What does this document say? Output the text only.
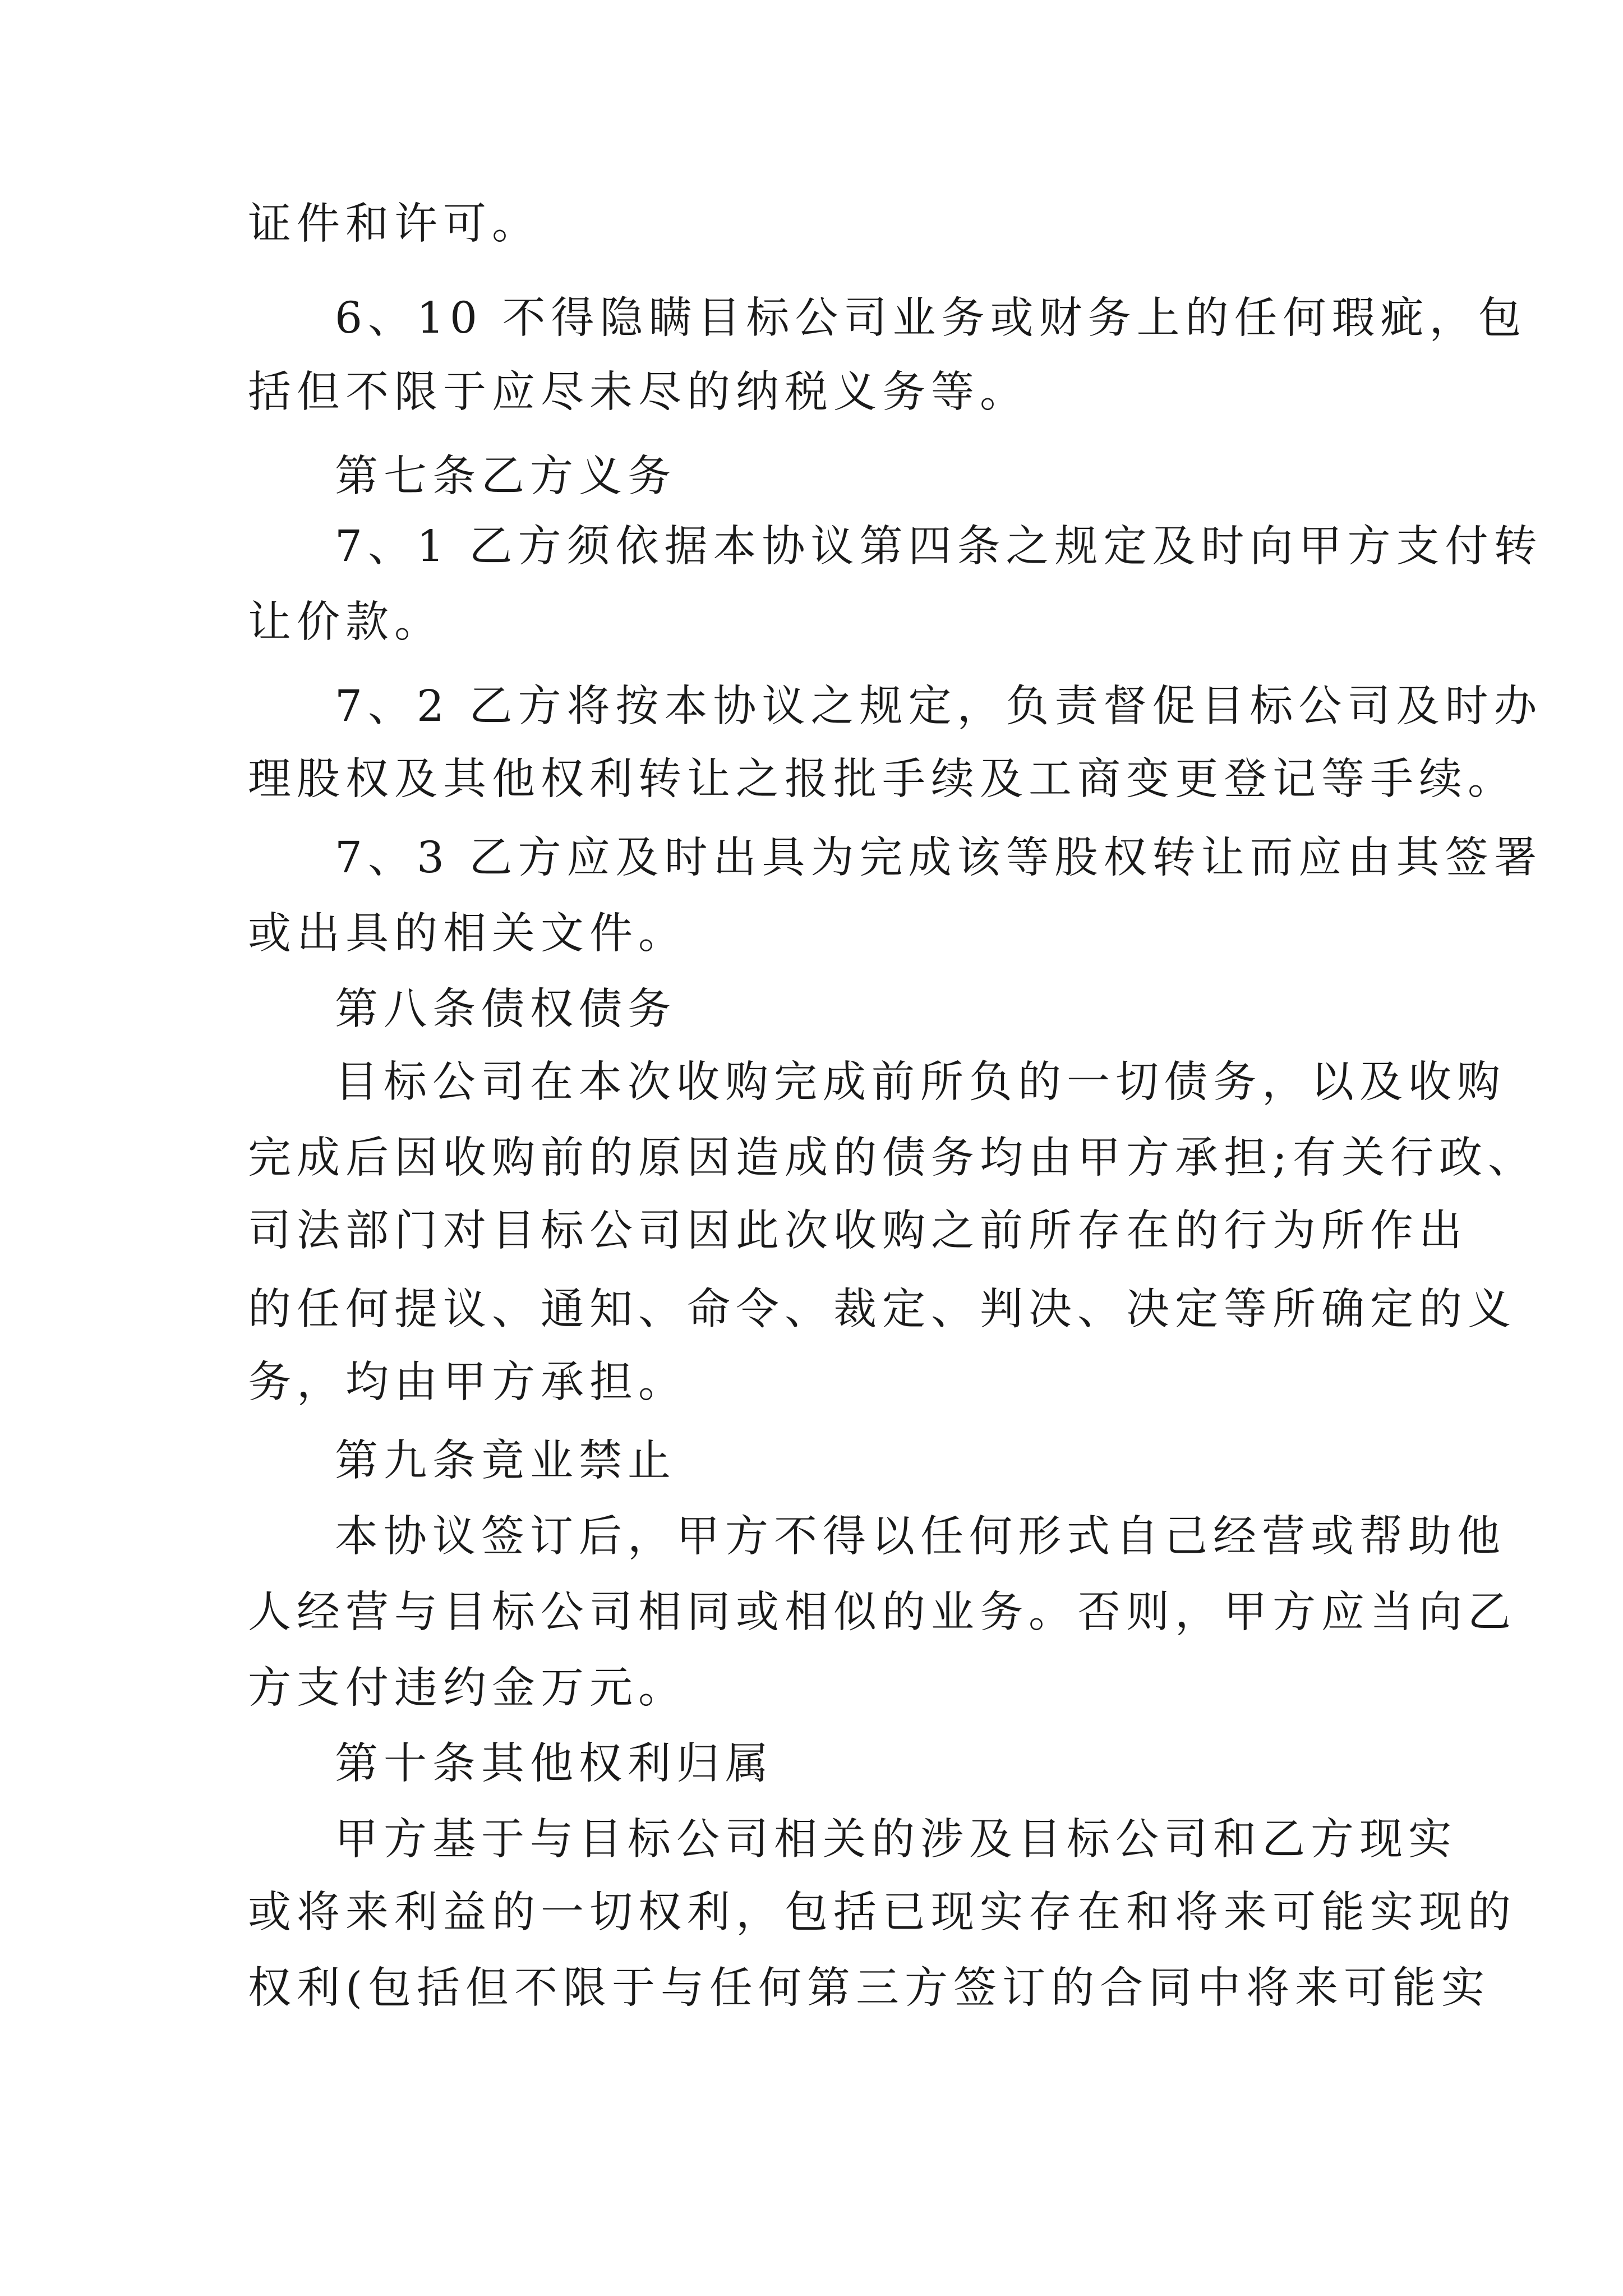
证件和许可。

6、10 不得隐瞒目标公司业务或财务上的任何瑕疵，包

括但不限于应尽未尽的纳税义务等。

第七条乙方义务

7、1 乙方须依据本协议第四条之规定及时向甲方支付转

让价款。

7、2 乙方将按本协议之规定，负责督促目标公司及时办

理股权及其他权利转让之报批手续及工商变更登记等手续。

7、3 乙方应及时出具为完成该等股权转让而应由其签署

或出具的相关文件。

第八条债权债务

目标公司在本次收购完成前所负的一切债务，以及收购

完成后因收购前的原因造成的债务均由甲方承担;有关行政、

司法部门对目标公司因此次收购之前所存在的行为所作出

的任何提议、通知、命令、裁定、判决、决定等所确定的义

务，均由甲方承担。

第九条竟业禁止

本协议签订后，甲方不得以任何形式自己经营或帮助他

人经营与目标公司相同或相似的业务。否则，甲方应当向乙

方支付违约金万元。

第十条其他权利归属

甲方基于与目标公司相关的涉及目标公司和乙方现实

或将来利益的一切权利，包括已现实存在和将来可能实现的

权利(包括但不限于与任何第三方签订的合同中将来可能实
